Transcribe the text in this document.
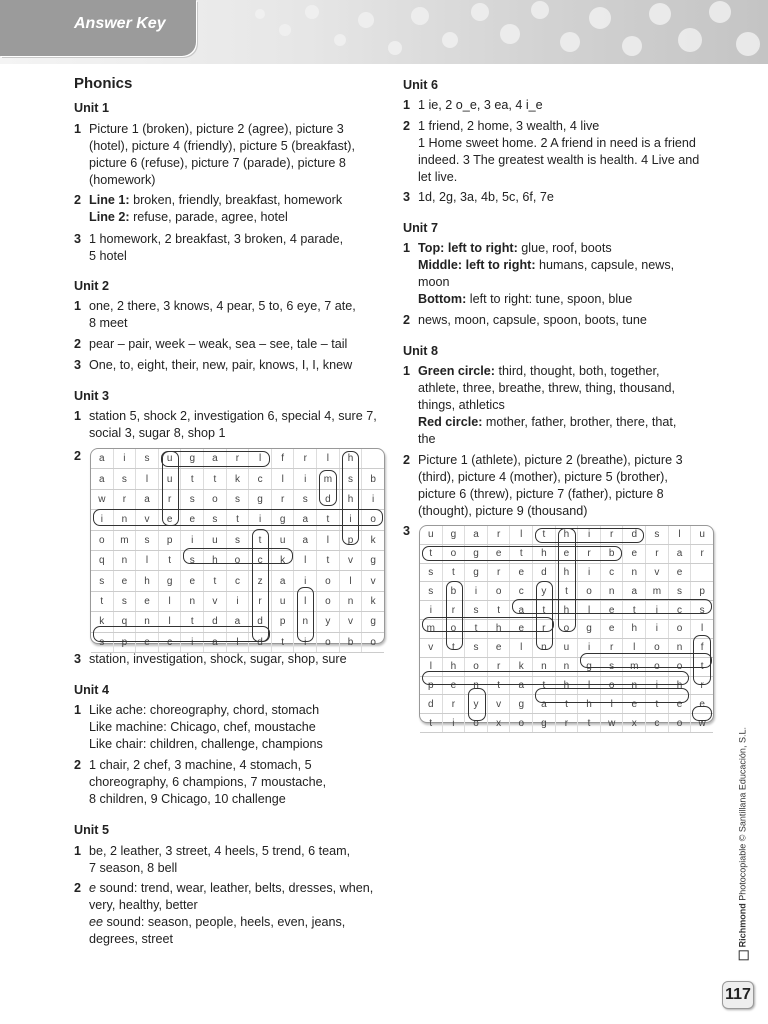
Answer Key
Phonics
Unit 1
1 Picture 1 (broken), picture 2 (agree), picture 3
(hotel), picture 4 (friendly), picture 5 (breakfast),
picture 6 (refuse), picture 7 (parade), picture 8
(homework)
2 Line 1: broken, friendly, breakfast, homework
Line 2: refuse, parade, agree, hotel
3 1 homework, 2 breakfast, 3 broken, 4 parade,
5 hotel
Unit 2
1 one, 2 there, 3 knows, 4 pear, 5 to, 6 eye, 7 ate,
8 meet
2 pear – pair, week – weak, sea – see, tale – tail
3 One, to, eight, their, new, pair, knows, I, I, knew
Unit 3
1 station 5, shock 2, investigation 6, special 4, sure 7,
social 3, sugar 8, shop 1
2
3 station, investigation, shock, sugar, shop, sure
Unit 4
1 Like ache: choreography, chord, stomach
Like machine: Chicago, chef, moustache
Like chair: children, challenge, champions
2 1 chair, 2 chef, 3 machine, 4 stomach, 5
choreography, 6 champions, 7 moustache,
8 children, 9 Chicago, 10 challenge
Unit 5
1 be, 2 leather, 3 street, 4 heels, 5 trend, 6 team,
7 season, 8 bell
2 e sound: trend, wear, leather, belts, dresses, when,
very, healthy, better
ee sound: season, people, heels, even, jeans,
degrees, street
a	i	s	u	g	a	r	l	f	r	l	h
a	s	l	u	t	t	k	c	l	i	m	s	b
w	r	a	r	s	o	s	g	r	s	d	h	i
i	n	v	e	e	s	t	i	g	a	t	i	o
o	m	s	p	i	u	s	t	u	a	l	p	k
q	n	l	t	s	h	o	c	k	l	t	v	g
s	e	h	g	e	t	c	z	a	i	o	l	v
t	s	e	l	n	v	i	r	u	l	o	n	k
k	q	n	l	t	d	a	d	p	n	y	v	g
s	p	e	c	i	a	l	d	t	i	o	b	o
Unit 6
1 1 ie, 2 o_e, 3 ea, 4 i_e
2 1 friend, 2 home, 3 wealth, 4 live
1 Home sweet home. 2 A friend in need is a friend
indeed. 3 The greatest wealth is health. 4 Live and
let live.
3 1d, 2g, 3a, 4b, 5c, 6f, 7e
Unit 7
1 Top: left to right: glue, roof, boots
Middle: left to right: humans, capsule, news,
moon
Bottom: left to right: tune, spoon, blue
2 news, moon, capsule, spoon, boots, tune
Unit 8
1 Green circle: third, thought, both, together,
athlete, three, breathe, threw, thing, thousand,
things, athletics
Red circle: mother, father, brother, there, that,
the
2 Picture 1 (athlete), picture 2 (breathe), picture 3
(third), picture 4 (mother), picture 5 (brother),
picture 6 (threw), picture 7 (father), picture 8
(thought), picture 9 (thousand)
3	u	g	a	r	l	t	h	i	r	d	s	l	u
t	o	g	e	t	h	e	r	b	e	r	a	r
s	t	g	r	e	d	h	i	c	n	v	e
s	b	i	o	c	y	t	o	n	a	m	s	p
i	r	s	t	a	t	h	l	e	t	i	c	s
m	o	t	h	e	r	o	g	e	h	i	o	l
v	t	s	e	l	n	u	i	r	l	o	n	f
l	h	o	r	k	n	n	g	s	m	o	o	t
p	e	n	t	a	t	h	l	o	n	i	h	r
d	r	y	v	g	a	t	h	l	e	t	e	e
t	i	o	x	o	g	r	t	w	x	c	o	w
Richmond Photocopiable © Santillana Educación, S.L.
117
